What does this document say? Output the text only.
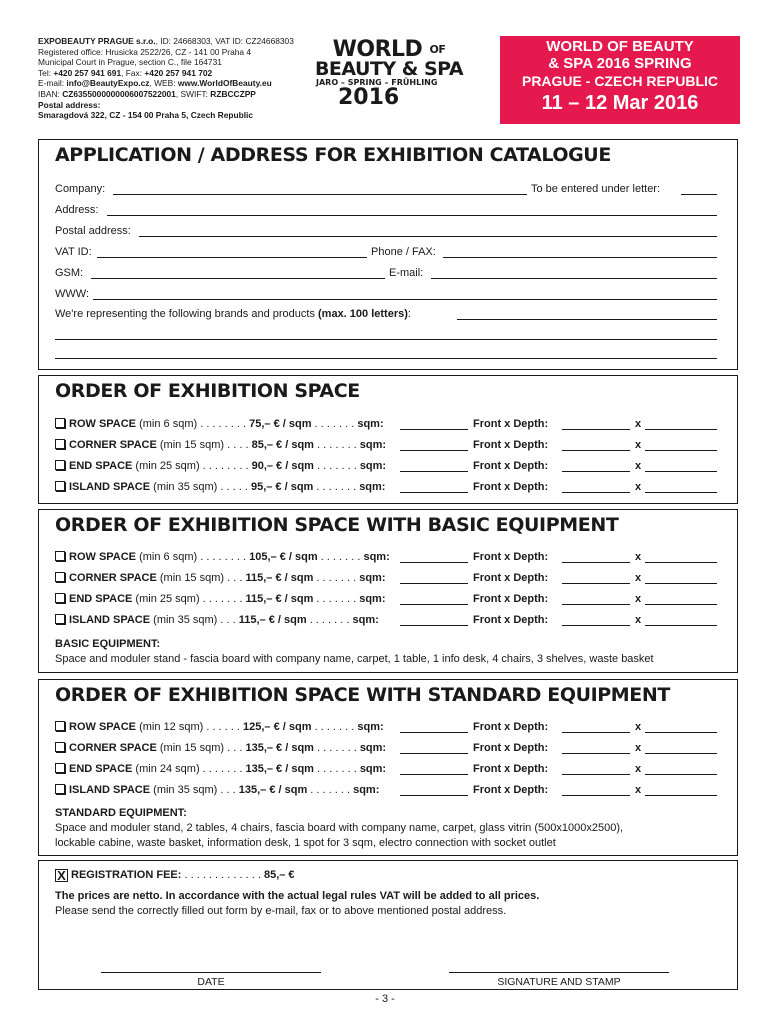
EXPOBEAUTY PRAGUE s.r.o., ID: 24668303, VAT ID: CZ24668303
Registered office: Hrusicka 2522/26, CZ - 141 00 Praha 4
Municipal Court in Prague, section C., file 164731
Tel: +420 257 941 691, Fax: +420 257 941 702
E-mail: info@BeautyExpo.cz, WEB: www.WorldOfBeauty.eu
IBAN: CZ6355000000006007522001, SWIFT: RZBCCZPP
Postal address:
Smaragdová 322, CZ - 154 00 Praha 5, Czech Republic
WORLD OF
BEAUTY & SPA
JARO – SPRING – FRÜHLING
2016
WORLD OF BEAUTY
& SPA 2016 SPRING
PRAGUE - CZECH REPUBLIC
11 – 12 Mar 2016
APPLICATION / ADDRESS FOR EXHIBITION CATALOGUE
Company:	To be entered under letter:
Address:
Postal address:
VAT ID:	Phone / FAX:
GSM:	E-mail:
WWW:
We're representing the following brands and products (max. 100 letters):
ORDER OF EXHIBITION SPACE
ROW SPACE (min 6 sqm) . . . . . . . . 75,– € / sqm . . . . . . . sqm:	Front x Depth:	x
CORNER SPACE (min 15 sqm) . . . . 85,– € / sqm . . . . . . . sqm:	Front x Depth:	x
END SPACE (min 25 sqm) . . . . . . . . 90,– € / sqm . . . . . . . sqm:	Front x Depth:	x
ISLAND SPACE (min 35 sqm) . . . . . 95,– € / sqm . . . . . . . sqm:	Front x Depth:	x
ORDER OF EXHIBITION SPACE WITH BASIC EQUIPMENT
ROW SPACE (min 6 sqm) . . . . . . . . 105,– € / sqm . . . . . . . sqm:	Front x Depth:	x
CORNER SPACE (min 15 sqm) . . . 115,– € / sqm . . . . . . . sqm:	Front x Depth:	x
END SPACE (min 25 sqm) . . . . . . . 115,– € / sqm . . . . . . . sqm:	Front x Depth:	x
ISLAND SPACE (min 35 sqm) . . . 115,– € / sqm . . . . . . . sqm:	Front x Depth:	x
BASIC EQUIPMENT:
Space and moduler stand - fascia board with company name, carpet, 1 table, 1 info desk, 4 chairs, 3 shelves, waste basket
ORDER OF EXHIBITION SPACE WITH STANDARD EQUIPMENT
ROW SPACE (min 12 sqm) . . . . . . 125,– € / sqm . . . . . . . sqm:	Front x Depth:	x
CORNER SPACE (min 15 sqm) . . . 135,– € / sqm . . . . . . . sqm:	Front x Depth:	x
END SPACE (min 24 sqm) . . . . . . . 135,– € / sqm . . . . . . . sqm:	Front x Depth:	x
ISLAND SPACE (min 35 sqm) . . . 135,– € / sqm . . . . . . . sqm:	Front x Depth:	x
STANDARD EQUIPMENT:
Space and moduler stand, 2 tables, 4 chairs, fascia board with company name, carpet, glass vitrin (500x1000x2500),
lockable cabine, waste basket, information desk, 1 spot for 3 sqm, electro connection with socket outlet
X REGISTRATION FEE: . . . . . . . . . . . . . 85,– €
The prices are netto. In accordance with the actual legal rules VAT will be added to all prices.
Please send the correctly filled out form by e-mail, fax or to above mentioned postal address.
DATE	SIGNATURE AND STAMP
- 3 -
